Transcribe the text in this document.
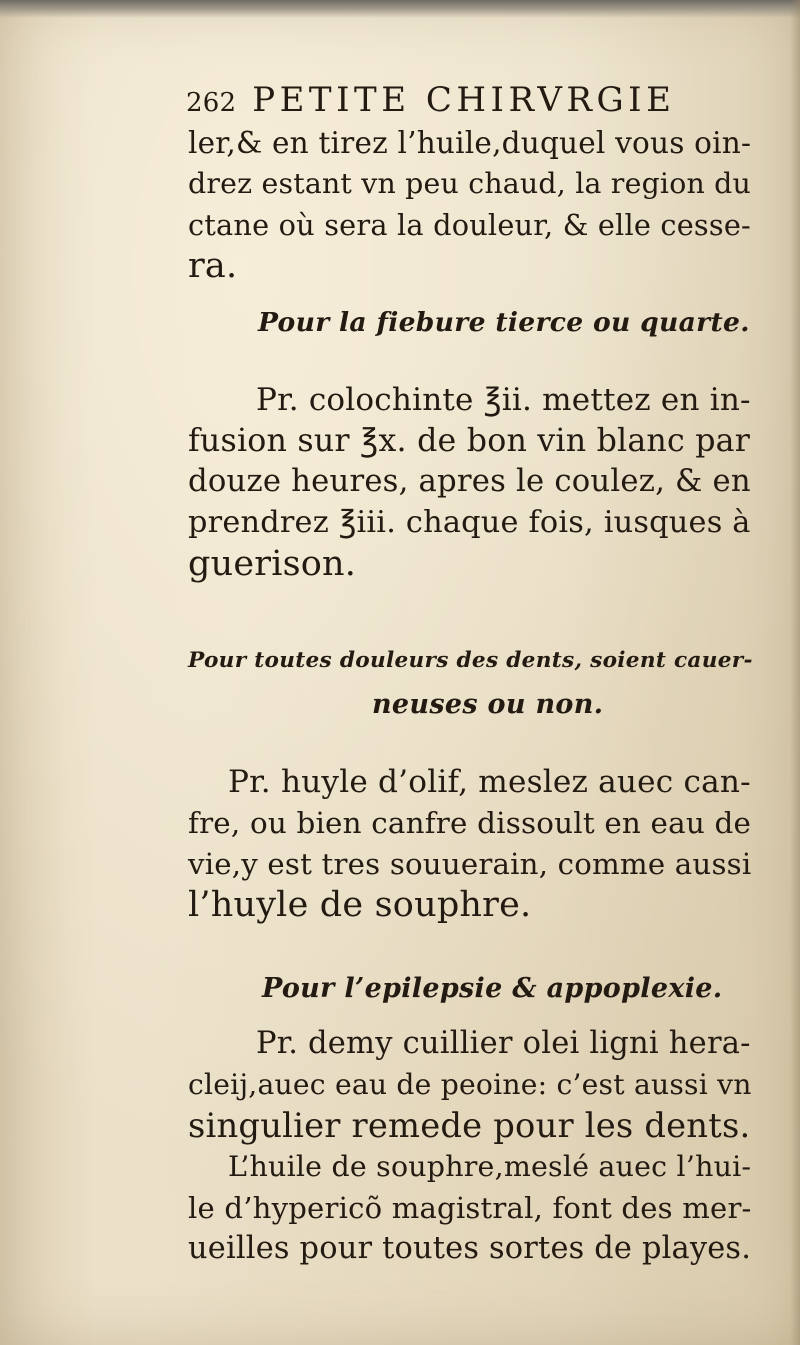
262 PETITE CHIRVRGIE
ler,& en tirez l’huile,duquel vous oin-
drez estant vn peu chaud, la region du
ctane où sera la douleur, & elle cesse-
ra.
Pour la fiebure tierce ou quarte.
Pr. colochinte ℥ii. mettez en in-
fusion sur ℥x. de bon vin blanc par
douze heures, apres le coulez, & en
prendrez ℥iii. chaque fois, iusques à
guerison.
Pour toutes douleurs des dents, soient cauer-
neuses ou non.
Pr. huyle d’olif, meslez auec can-
fre, ou bien canfre dissoult en eau de
vie,y est tres souuerain, comme aussi
l’huyle de souphre.
Pour l’epilepsie & appoplexie.
Pr. demy cuillier olei ligni hera-
cleij,auec eau de peoine: c’est aussi vn
singulier remede pour les dents.
L’huile de souphre,meslé auec l’hui-
le d’hypericõ magistral, font des mer-
ueilles pour toutes sortes de playes.
